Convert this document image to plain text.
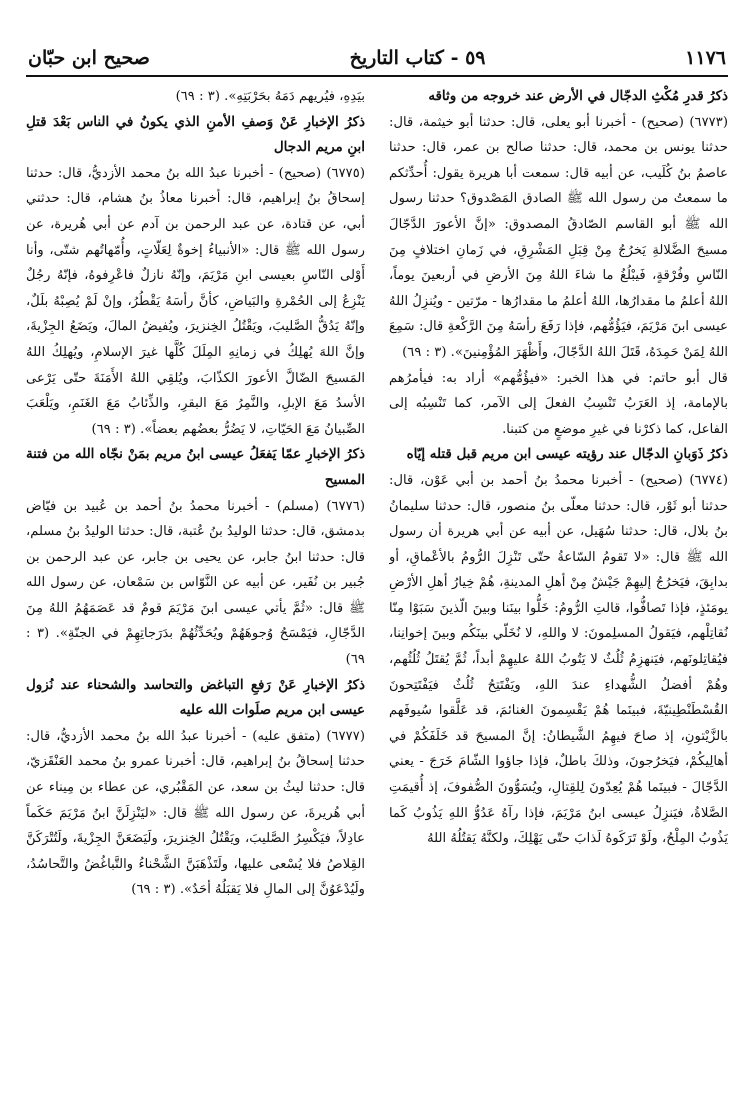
١١٧٦
٥٩ - كتاب التاريخ
صحيح ابن حبّان

ذكرُ قدرِ مُكْثِ الدجّال في الأرض عند خروجه من وثاقه

(٦٧٧٣) (صحيح) - أخبرنا أبو يعلى، قال: حدثنا أبو خيثمة، قال: حدثنا يونس بن محمد، قال: حدثنا صالح بن عمر، قال: حدثنا عاصمُ بنُ كُلَيب، عن أبيه قال: سمعت أبا هريرة يقول: أُحدِّثكم ما سمعتُ من رسول الله ﷺ الصادق المَصْدوق؟ حدثنا رسول الله ﷺ أبو القاسم الصّادقُ المصدوق: «إنَّ الأعورَ الدَّجّالَ مسيحَ الضَّلالةِ يَخرُجُ مِنْ قِبَلِ المَشْرِقِ، في زَمانِ اختلافٍ مِنَ النّاسِ وفُرْقةٍ، فَيبْلُغُ ما شاءَ اللهُ مِنَ الأرضِ في أربعينَ يوماً، اللهُ أعلمُ ما مقدارُها، اللهُ أعلمُ ما مقدارُها - مرّتين - ويُنزِلُ اللهُ عيسى ابنَ مَرْيَمَ، فيَؤُمُّهم، فإذا رَفَعَ رأسَهُ مِنَ الرَّكْعةِ قال: سَمِعَ اللهُ لِمَنْ حَمِدَهُ، قَتَلَ اللهُ الدَّجّالَ، وأَظْهَرَ المُؤْمِنينَ». (٣ : ٦٩)

قال أبو حاتم: في هذا الخبر: «فيؤُمُّهم» أراد به: فيأمرُهم بالإمامة، إذ العَرَبُ تَنْسِبُ الفعلَ إلى الآمر، كما تَنْسِبُه إلى الفاعل، كما ذكرْنا في غيرِ موضعٍ من كتبنا.

ذكرُ ذَوَبانِ الدجّال عند رؤيته عيسى ابن مريم قبل قتله إيّاه

(٦٧٧٤) (صحيح) - أخبرنا محمدُ بنُ أحمد بن أبي عَوْن، قال: حدثنا أبو ثَوْر، قال: حدثنا معلّى بنُ منصور، قال: حدثنا سليمانُ بنُ بلال، قال: حدثنا سُهَيل، عن أبيه عن أبي هريرة أن رسول الله ﷺ قال: «لا تَقومُ السّاعةُ حتّى تَنْزِلَ الرُّومُ بالأعْماقِ، أو بدابِقَ، فيَخرُجُ إليهِمْ جَيْشٌ مِنْ أهلِ المدينةِ، هُمْ خِيارُ أهلِ الأرْضِ يومَئذٍ، فإذا تَصافُّوا، قالتِ الرُّومُ: خَلُّوا بينَنا وبينَ الّذينَ سَبَوْا مِنّا نُقاتِلْهم، فيَقولُ المسلِمونَ: لا واللهِ، لا نُخَلّي بينَكُم وبينَ إخوانِنا، فيُقاتِلونَهم، فيَنهزِمُ ثُلُثٌ لا يَتُوبُ اللهُ عليهِمْ أبداً، ثُمَّ يُقتَلُ ثُلُثُهم، وهُمْ أفضلُ الشُّهداءِ عندَ اللهِ، ويَفْتَتِحُ ثُلُثٌ فيَفْتَتِحونَ القُسْطَنْطِينيّةَ، فبينَما هُمْ يَقْسِمونَ الغنائمَ، قد عَلَّقوا سُيوفَهم بالزَّيْتونِ، إذ صاحَ فيهِمُ الشَّيطانُ: إنَّ المسيحَ قد خَلَفَكُمْ في أهالِيكُمْ، فيَخرُجونَ، وذلكَ باطلٌ، فإذا جاؤوا الشّامَ خَرَجَ - يعني الدَّجّالَ - فبينَما هُمْ يُعِدّونَ لِلقِتالِ، ويُسَوُّونَ الصُّفوفَ، إذ أُقيمَتِ الصَّلاةُ، فيَنزِلُ عيسى ابنُ مَرْيَمَ، فإذا رآهُ عَدُوُّ اللهِ يَذُوبُ كَما يَذُوبُ المِلْحُ، ولَوْ تَرَكَوهُ لَذابَ حتّى يَهْلِكَ، ولكنَّهُ يَقتُلُهُ اللهُ

بيَدِهِ، فيُريهم دَمَهُ بحَرْبَتِهِ». (٣ : ٦٩)

ذكرُ الإخبارِ عَنْ وَصفِ الأمنِ الذي يكونُ في الناس بَعْدَ قتلِ ابنِ مريم الدجال

(٦٧٧٥) (صحيح) - أخبرنا عبدُ الله بنُ محمد الأزديُّ، قال: حدثنا إسحاقُ بنُ إبراهيم، قال: أخبرنا معاذُ بنُ هشام، قال: حدثني أبي، عن قتادة، عن عبد الرحمن بن آدم عن أبي هُريرة، عن رسول الله ﷺ قال: «الأنبياءُ إخوةٌ لِعَلّاتٍ، وأُمّهاتُهم شتّى، وأنا أَوْلى النّاسِ بعيسى ابنِ مَرْيَمَ، وإنّهُ نازلٌ فاعْرِفوهُ، فإنّهُ رجُلٌ يَنْزِعُ إلى الحُمْرةِ والبَياضِ، كأنَّ رأسَهُ يَقْطُرُ، وإنْ لَمْ يُصِبْهُ بلَلٌ، وإنّهُ يَدُقُّ الصَّليبَ، ويَقْتُلُ الخِنزيرَ، ويُفيضُ المالَ، ويَضَعُ الجِزْيةَ، وإنَّ اللهَ يُهلِكُ في زمانِهِ المِلَلَ كُلَّها غيرَ الإسلامِ، ويُهلِكُ اللهُ المَسيحَ الضّالَّ الأعورَ الكذّابَ، ويُلقِي اللهُ الأَمَنَةَ حتّى يَرْعى الأسدُ مَعَ الإبلِ، والنَّمِرُ مَعَ البقرِ، والذِّئابُ مَعَ الغَنَمِ، ويَلْعَبَ الصِّبيانُ مَعَ الحَيّاتِ، لا يَضُرُّ بعضُهم بعضاً». (٣ : ٦٩)

ذكرُ الإخبارِ عمّا يَفعَلُ عيسى ابنُ مريم بمَنْ نجّاه الله من فتنة المسيح

(٦٧٧٦) (مسلم) - أخبرنا محمدُ بنُ أحمد بن عُبيد بن فيّاض بدمشق، قال: حدثنا الوليدُ بنُ عُتبة، قال: حدثنا الوليدُ بنُ مسلم، قال: حدثنا ابنُ جابر، عن يحيى بن جابر، عن عبد الرحمن بن جُبير بن نُفَير، عن أبيه عن النَّوّاس بن سَمْعان، عن رسول الله ﷺ قال: «ثُمَّ يأتي عيسى ابنَ مَرْيَمَ قومٌ قد عَصَمَهُمُ اللهُ مِنَ الدَّجّالِ، فيَمْسَحُ وُجوهَهُمْ ويُحَدِّثُهُمْ بدَرَجاتِهِمْ في الجنّةِ». (٣ : ٦٩)

ذكرُ الإخبارِ عَنْ رَفعِ التباغض والتحاسد والشحناء عند نُزول عيسى ابن مريم صلَوات الله عليه

(٦٧٧٧) (متفق عليه) - أخبرنا عبدُ الله بنُ محمد الأزديُّ، قال: حدثنا إسحاقُ بنُ إبراهيم، قال: أخبرنا عمرو بنُ محمد العَنْقَزيّ، قال: حدثنا ليثُ بن سعد، عن المَقْبُري، عن عطاء بن مِيناء عن أبي هُريرةَ، عن رسول الله ﷺ قال: «ليَنْزِلَنَّ ابنُ مَرْيَمَ حَكَماً عادِلاً، فيَكْسِرُ الصَّليبَ، ويَقْتُلُ الخِنزيرَ، ولَيَضَعَنَّ الجِزْيةَ، ولَتُتْرَكَنَّ القِلاصُ فلا يُسْعى عليها، ولَتَذْهَبَنَّ الشَّحْناءُ والتَّباغُضُ والتَّحاسُدُ، ولَيُدْعَوُنَّ إلى المالِ فلا يَقبَلُهُ أحَدٌ». (٣ : ٦٩)
